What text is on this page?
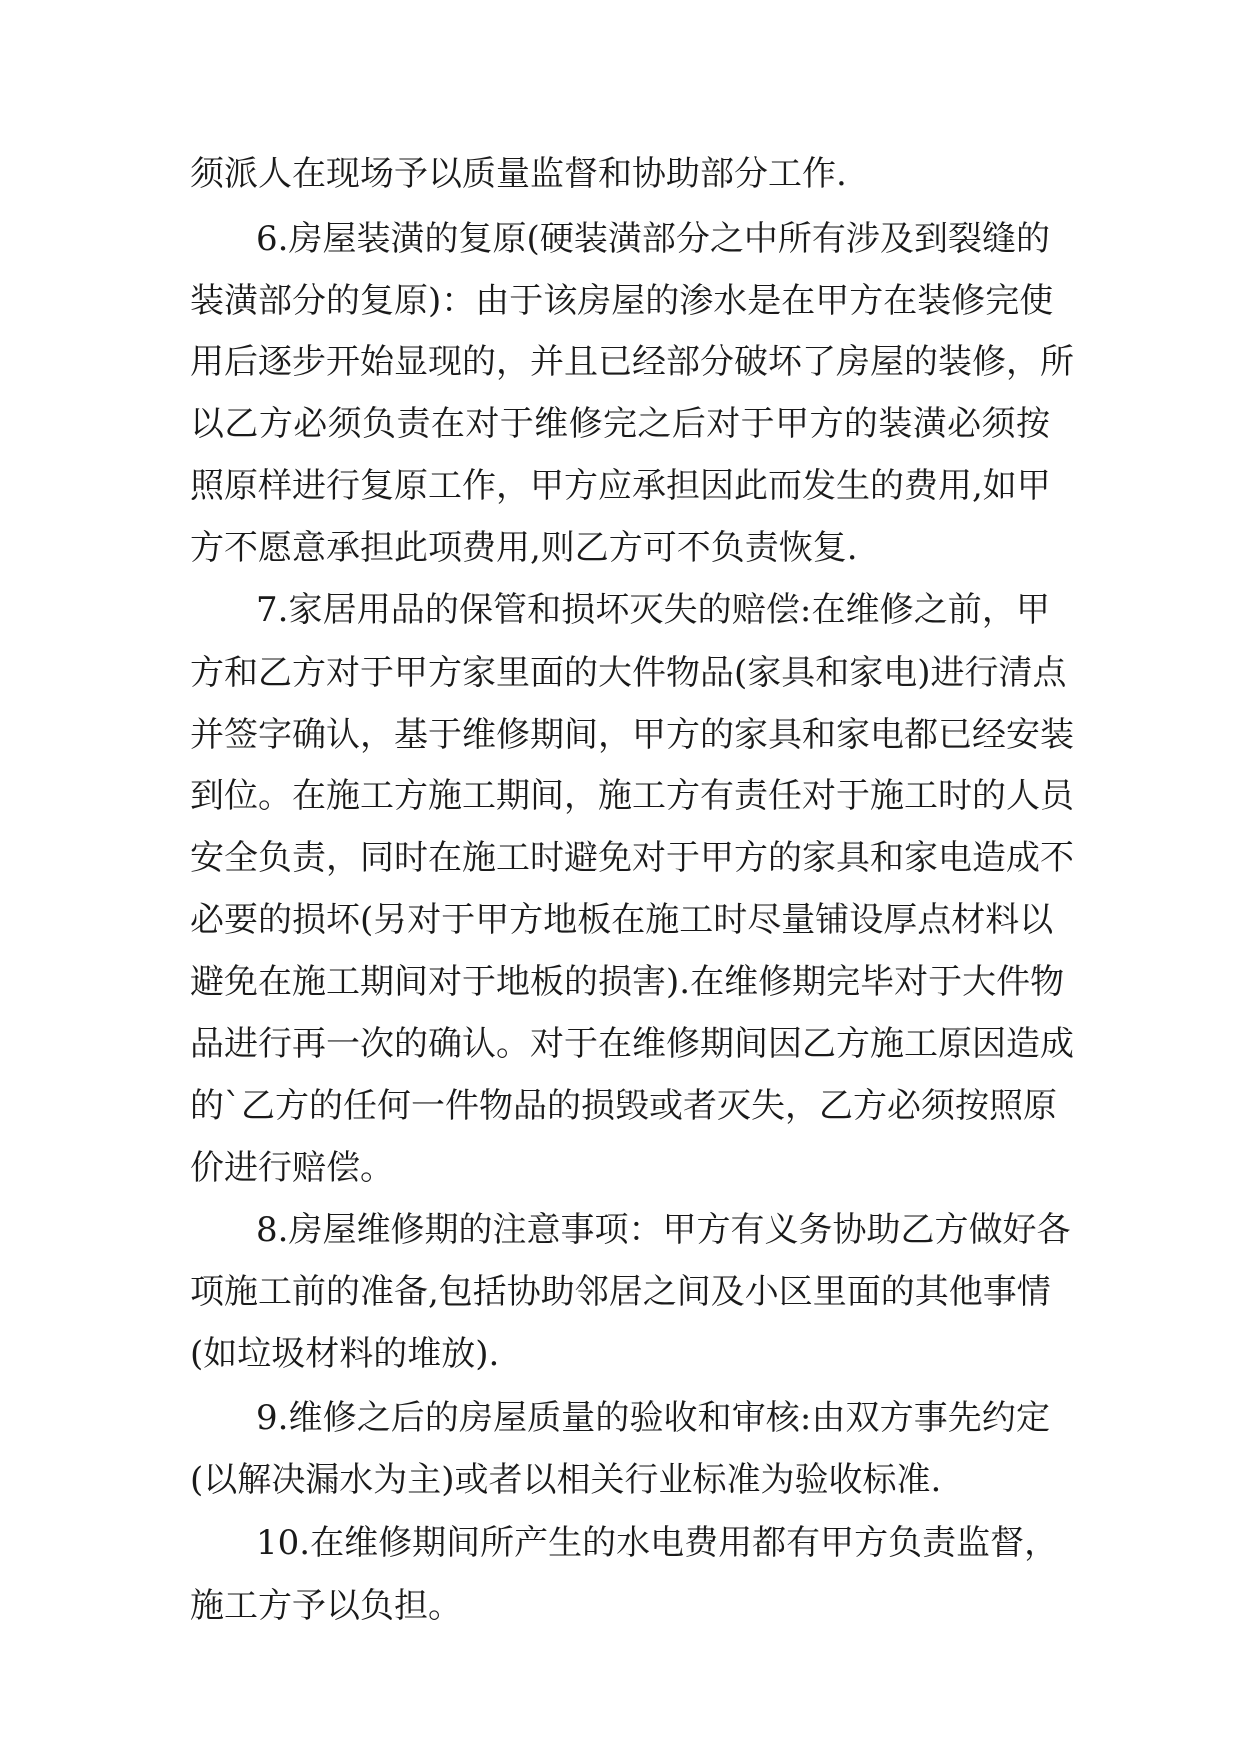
须派人在现场予以质量监督和协助部分工作.

6.房屋装潢的复原(硬装潢部分之中所有涉及到裂缝的

装潢部分的复原)：由于该房屋的渗水是在甲方在装修完使

用后逐步开始显现的，并且已经部分破坏了房屋的装修，所

以乙方必须负责在对于维修完之后对于甲方的装潢必须按

照原样进行复原工作，甲方应承担因此而发生的费用,如甲

方不愿意承担此项费用,则乙方可不负责恢复.

7.家居用品的保管和损坏灭失的赔偿:在维修之前，甲

方和乙方对于甲方家里面的大件物品(家具和家电)进行清点

并签字确认，基于维修期间，甲方的家具和家电都已经安装

到位。在施工方施工期间，施工方有责任对于施工时的人员

安全负责，同时在施工时避免对于甲方的家具和家电造成不

必要的损坏(另对于甲方地板在施工时尽量铺设厚点材料以

避免在施工期间对于地板的损害).在维修期完毕对于大件物

品进行再一次的确认。对于在维修期间因乙方施工原因造成

的`乙方的任何一件物品的损毁或者灭失，乙方必须按照原

价进行赔偿。

8.房屋维修期的注意事项：甲方有义务协助乙方做好各

项施工前的准备,包括协助邻居之间及小区里面的其他事情

(如垃圾材料的堆放).

9.维修之后的房屋质量的验收和审核:由双方事先约定

(以解决漏水为主)或者以相关行业标准为验收标准.

10.在维修期间所产生的水电费用都有甲方负责监督，

施工方予以负担。
